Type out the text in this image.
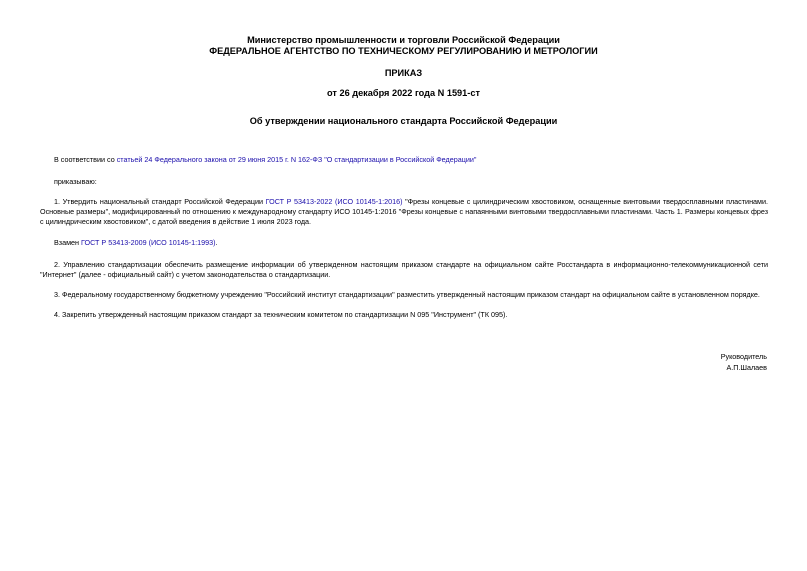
Министерство промышленности и торговли Российской Федерации
ФЕДЕРАЛЬНОЕ АГЕНТСТВО ПО ТЕХНИЧЕСКОМУ РЕГУЛИРОВАНИЮ И МЕТРОЛОГИИ
ПРИКАЗ
от 26 декабря 2022 года N 1591-ст
Об утверждении национального стандарта Российской Федерации
В соответствии со статьей 24 Федерального закона от 29 июня 2015 г. N 162-ФЗ "О стандартизации в Российской Федерации"
приказываю:
1. Утвердить национальный стандарт Российской Федерации ГОСТ Р 53413-2022 (ИСО 10145-1:2016) "Фрезы концевые с цилиндрическим хвостовиком, оснащенные винтовыми твердосплавными пластинами. Основные размеры", модифицированный по отношению к международному стандарту ИСО 10145-1:2016 "Фрезы концевые с напаянными винтовыми твердосплавными пластинами. Часть 1. Размеры концевых фрез с цилиндрическим хвостовиком", с датой введения в действие 1 июля 2023 года.
Взамен ГОСТ Р 53413-2009 (ИСО 10145-1:1993).
2. Управлению стандартизации обеспечить размещение информации об утвержденном настоящим приказом стандарте на официальном сайте Росстандарта в информационно-телекоммуникационной сети "Интернет" (далее - официальный сайт) с учетом законодательства о стандартизации.
3. Федеральному государственному бюджетному учреждению "Российский институт стандартизации" разместить утвержденный настоящим приказом стандарт на официальном сайте в установленном порядке.
4. Закрепить утвержденный настоящим приказом стандарт за техническим комитетом по стандартизации N 095 "Инструмент" (ТК 095).
Руководитель
А.П.Шалаев
